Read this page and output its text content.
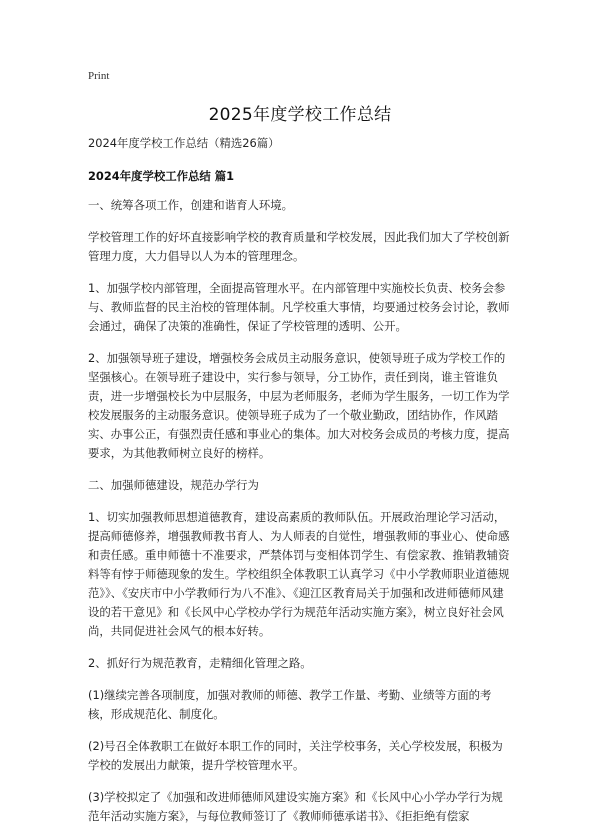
Print
2025年度学校工作总结

2024年度学校工作总结（精选26篇）

2024年度学校工作总结 篇1

一、统筹各项工作，创建和谐育人环境。

学校管理工作的好坏直接影响学校的教育质量和学校发展，因此我们加大了学校创新管理力度，大力倡导以人为本的管理理念。

1、加强学校内部管理，全面提高管理水平。在内部管理中实施校长负责、校务会参与、教师监督的民主治校的管理体制。凡学校重大事情，均要通过校务会讨论，教师会通过，确保了决策的准确性，保证了学校管理的透明、公开。

2、加强领导班子建设，增强校务会成员主动服务意识，使领导班子成为学校工作的坚强核心。在领导班子建设中，实行参与领导，分工协作，责任到岗，谁主管谁负责，进一步增强校长为中层服务，中层为老师服务，老师为学生服务，一切工作为学校发展服务的主动服务意识。使领导班子成为了一个敬业勤政，团结协作，作风踏实、办事公正，有强烈责任感和事业心的集体。加大对校务会成员的考核力度，提高要求，为其他教师树立良好的榜样。

二、加强师德建设，规范办学行为

1、切实加强教师思想道德教育，建设高素质的教师队伍。开展政治理论学习活动，提高师德修养，增强教师教书育人、为人师表的自觉性，增强教师的事业心、使命感和责任感。重申师德十不准要求，严禁体罚与变相体罚学生、有偿家教、推销教辅资料等有悖于师德现象的发生。学校组织全体教职工认真学习《中小学教师职业道德规范》》、《安庆市中小学教师行为八不准》、《迎江区教育局关于加强和改进师德师风建设的若干意见》和《长风中心学校办学行为规范年活动实施方案》，树立良好社会风尚，共同促进社会风气的根本好转。

2、抓好行为规范教育，走精细化管理之路。

(1)继续完善各项制度，加强对教师的师德、教学工作量、考勤、业绩等方面的考核，形成规范化、制度化。

(2)号召全体教职工在做好本职工作的同时，关注学校事务，关心学校发展，积极为学校的发展出力献策，提升学校管理水平。

(3)学校拟定了《加强和改进师德师风建设实施方案》和《长风中心小学办学行为规范年活动实施方案》，与每位教师签订了《教师师德承诺书》、《拒拒绝有偿家
